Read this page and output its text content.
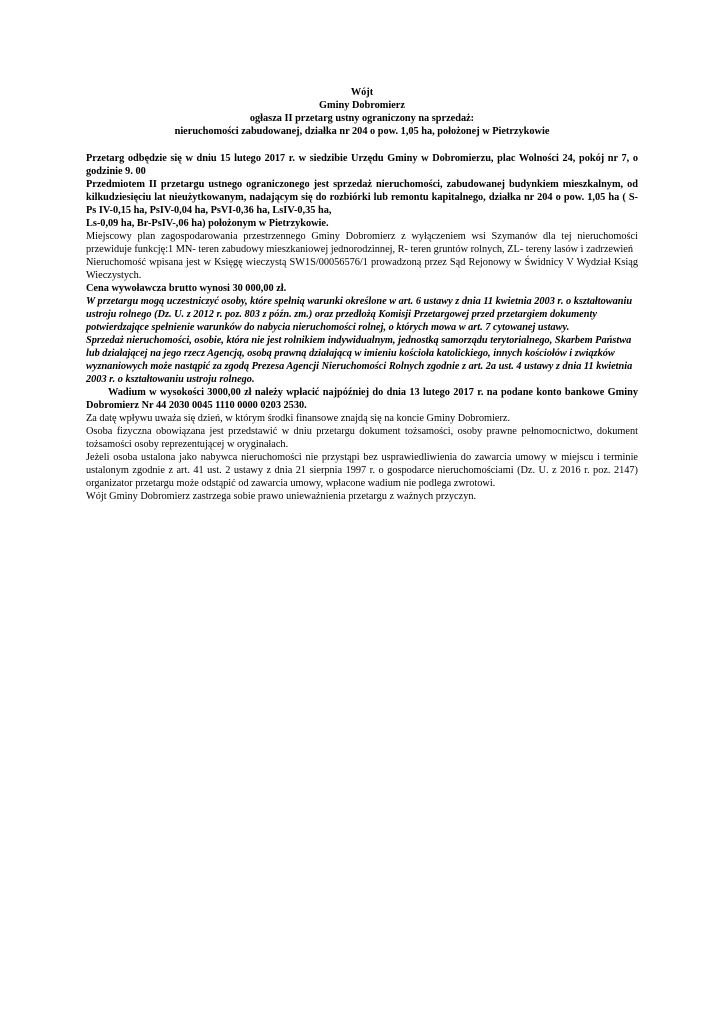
Wójt
Gminy Dobromierz
ogłasza II przetarg ustny ograniczony na sprzedaż:
nieruchomości zabudowanej, działka nr 204 o pow. 1,05 ha, położonej w Pietrzykowie

Przetarg odbędzie się w dniu 15 lutego 2017 r. w siedzibie Urzędu Gminy w Dobromierzu, plac Wolności 24, pokój nr 7, o godzinie 9. 00

Przedmiotem II przetargu ustnego ograniczonego jest sprzedaż nieruchomości, zabudowanej budynkiem mieszkalnym, od kilkudziesięciu lat nieużytkowanym, nadającym się do rozbiórki lub remontu kapitalnego, działka nr 204 o pow. 1,05 ha ( S-Ps IV-0,15 ha, PsIV-0,04 ha, PsVI-0,36 ha, LsIV-0,35 ha,

Ls-0,09 ha, Br-PsIV-,06 ha) położonym w Pietrzykowie.

Miejscowy plan zagospodarowania przestrzennego Gminy Dobromierz z wyłączeniem wsi Szymanów dla tej nieruchomości przewiduje funkcję:1 MN- teren zabudowy mieszkaniowej jednorodzinnej, R- teren gruntów rolnych, ZL- tereny lasów i zadrzewień

Nieruchomość wpisana jest w Księgę wieczystą SW1S/00056576/1 prowadzoną przez Sąd Rejonowy w Świdnicy V Wydział Ksiąg Wieczystych.

Cena wywoławcza brutto wynosi 30 000,00 zł.

W przetargu mogą uczestniczyć osoby, które spełnią warunki określone w art. 6 ustawy z dnia 11 kwietnia 2003 r. o kształtowaniu ustroju rolnego (Dz. U. z 2012 r. poz. 803 z późn. zm.) oraz przedłożą Komisji Przetargowej przed przetargiem dokumenty potwierdzające spełnienie warunków do nabycia nieruchomości rolnej, o których mowa w art. 7 cytowanej ustawy.

Sprzedaż nieruchomości, osobie, która nie jest rolnikiem indywidualnym, jednostką samorządu terytorialnego, Skarbem Państwa lub działającej na jego rzecz Agencją, osobą prawną działającą w imieniu kościoła katolickiego, innych kościołów i związków wyznaniowych może nastąpić za zgodą Prezesa Agencji Nieruchomości Rolnych zgodnie z art. 2a ust. 4 ustawy z dnia 11 kwietnia 2003 r. o kształtowaniu ustroju rolnego.

Wadium w wysokości 3000,00 zł należy wpłacić najpóźniej do dnia 13 lutego 2017 r. na podane konto bankowe Gminy Dobromierz Nr 44 2030 0045 1110 0000 0203 2530.

Za datę wpływu uważa się dzień, w którym środki finansowe znajdą się na koncie Gminy Dobromierz.

Osoba fizyczna obowiązana jest przedstawić w dniu przetargu dokument tożsamości, osoby prawne pełnomocnictwo, dokument tożsamości osoby reprezentującej w oryginałach.

Jeżeli osoba ustalona jako nabywca nieruchomości nie przystąpi bez usprawiedliwienia do zawarcia umowy w miejscu i terminie ustalonym zgodnie z art. 41 ust. 2 ustawy z dnia 21 sierpnia 1997 r. o gospodarce nieruchomościami (Dz. U. z 2016 r. poz. 2147) organizator przetargu może odstąpić od zawarcia umowy, wpłacone wadium nie podlega zwrotowi.

Wójt Gminy Dobromierz zastrzega sobie prawo unieważnienia przetargu z ważnych przyczyn.
